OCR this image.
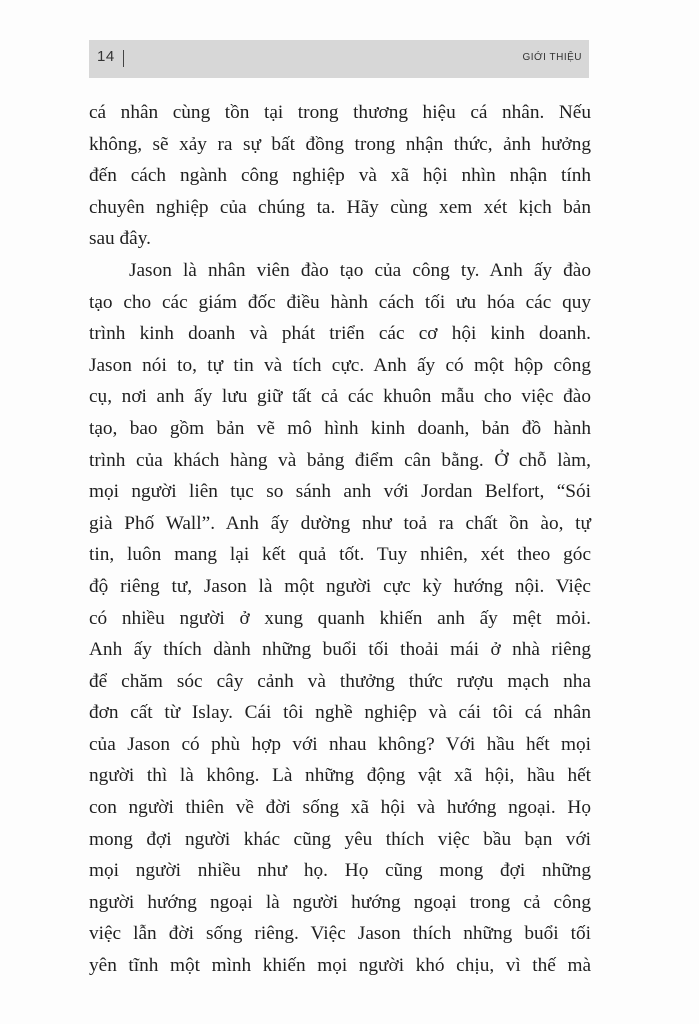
14	GIỚI THIỆU

cá nhân cùng tồn tại trong thương hiệu cá nhân. Nếu
không, sẽ xảy ra sự bất đồng trong nhận thức, ảnh hưởng
đến cách ngành công nghiệp và xã hội nhìn nhận tính
chuyên nghiệp của chúng ta. Hãy cùng xem xét kịch bản
sau đây.

Jason là nhân viên đào tạo của công ty. Anh ấy đào
tạo cho các giám đốc điều hành cách tối ưu hóa các quy
trình kinh doanh và phát triển các cơ hội kinh doanh.
Jason nói to, tự tin và tích cực. Anh ấy có một hộp công
cụ, nơi anh ấy lưu giữ tất cả các khuôn mẫu cho việc đào
tạo, bao gồm bản vẽ mô hình kinh doanh, bản đồ hành
trình của khách hàng và bảng điểm cân bằng. Ở chỗ làm,
mọi người liên tục so sánh anh với Jordan Belfort, “Sói
già Phố Wall”. Anh ấy dường như toả ra chất ồn ào, tự
tin, luôn mang lại kết quả tốt. Tuy nhiên, xét theo góc
độ riêng tư, Jason là một người cực kỳ hướng nội. Việc
có nhiều người ở xung quanh khiến anh ấy mệt mỏi.
Anh ấy thích dành những buổi tối thoải mái ở nhà riêng
để chăm sóc cây cảnh và thưởng thức rượu mạch nha
đơn cất từ Islay. Cái tôi nghề nghiệp và cái tôi cá nhân
của Jason có phù hợp với nhau không? Với hầu hết mọi
người thì là không. Là những động vật xã hội, hầu hết
con người thiên về đời sống xã hội và hướng ngoại. Họ
mong đợi người khác cũng yêu thích việc bầu bạn với
mọi người nhiều như họ. Họ cũng mong đợi những
người hướng ngoại là người hướng ngoại trong cả công
việc lẫn đời sống riêng. Việc Jason thích những buổi tối
yên tĩnh một mình khiến mọi người khó chịu, vì thế mà
